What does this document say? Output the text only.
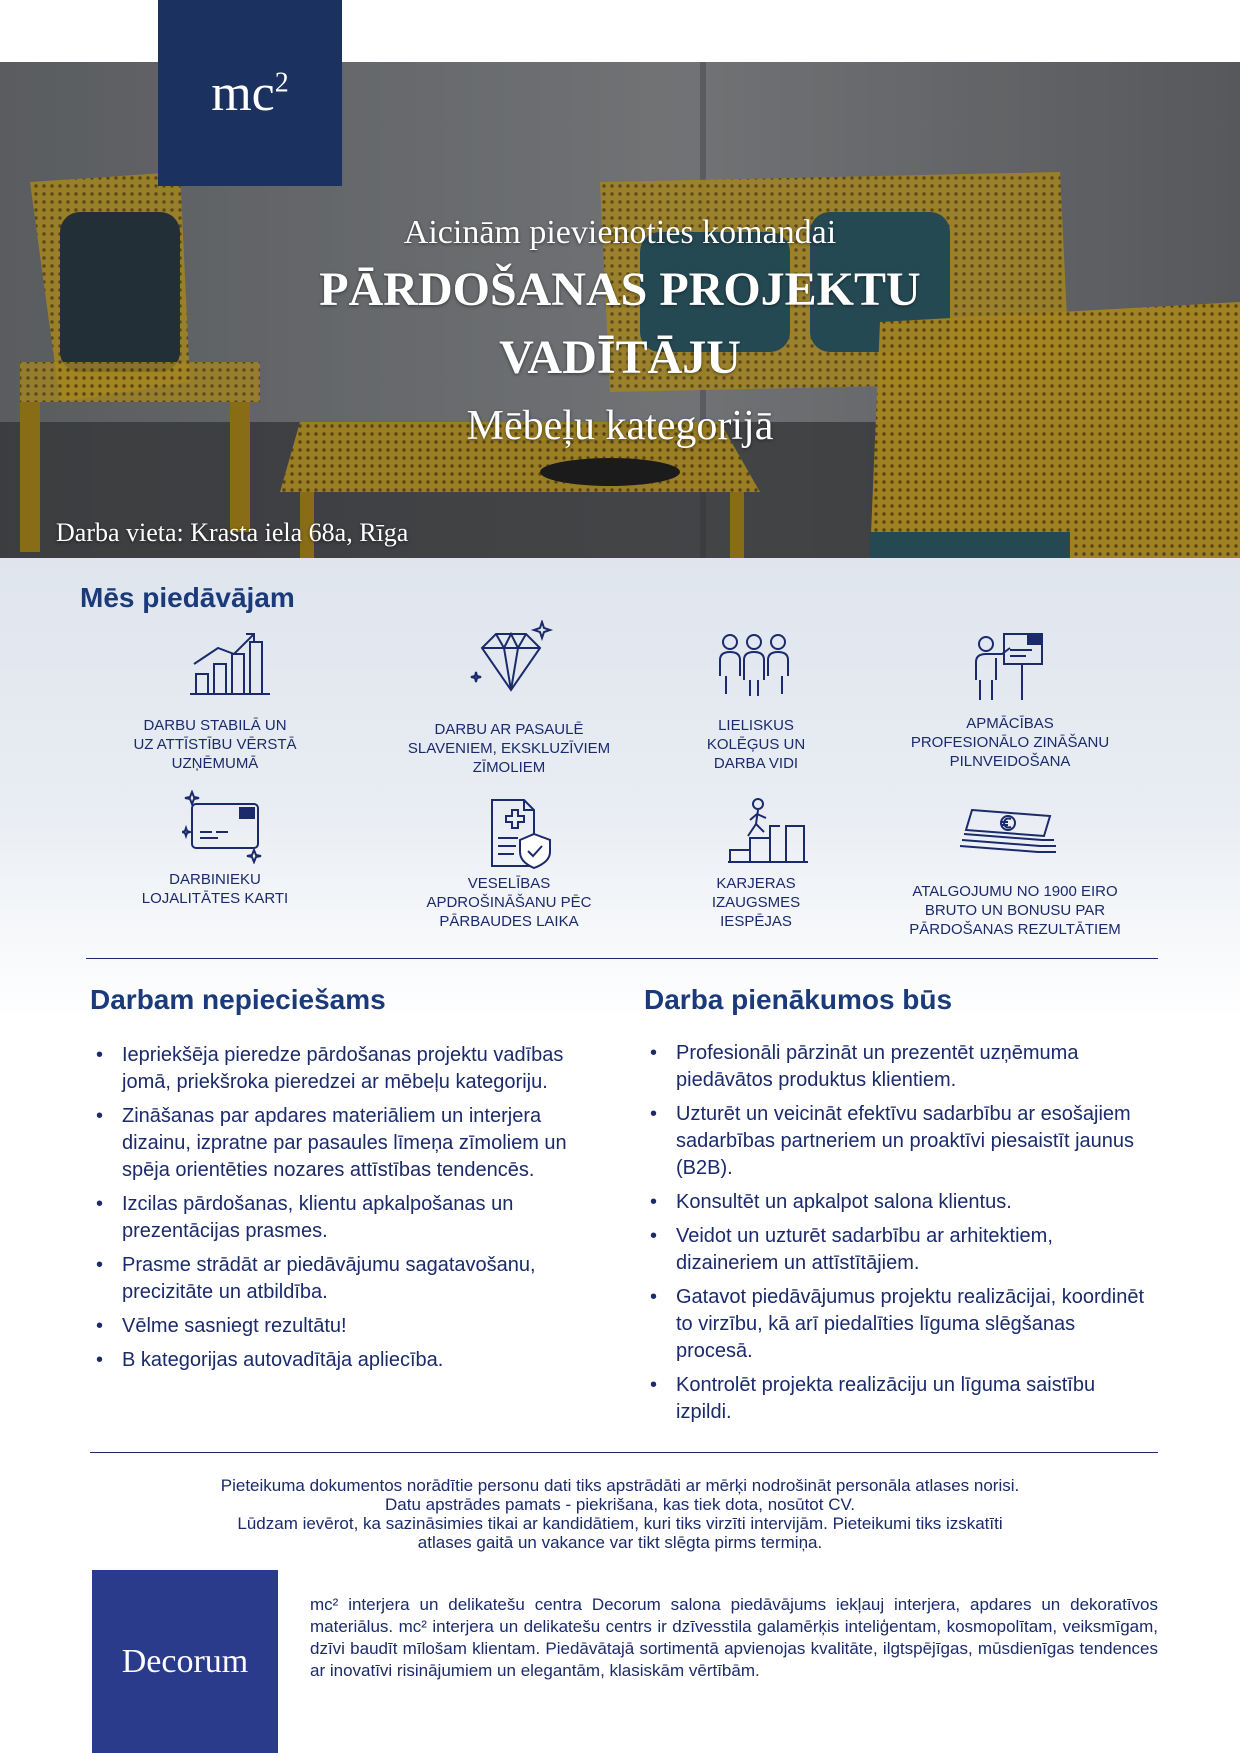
$mc^2$
Aicinām pievienoties komandai
PĀRDOŠANAS PROJEKTU
VADĪTĀJU
Mēbeļu kategorijā
Darba vieta: Krasta iela 68a, Rīga
Mēs piedāvājam
DARBU STABILĀ UN
UZ ATTĪSTĪBU VĒRSTĀ
UZŅĒMUMĀ
DARBU AR PASAULĒ
SLAVENIEM, EKSKLUZĪVIEM
ZĪMOLIEM
LIELISKUS
KOLĒĢUS UN
DARBA VIDI
APMĀCĪBAS
PROFESIONĀLO ZINĀŠANU
PILNVEIDOŠANA
DARBINIEKU
LOJALITĀTES KARTI
VESELĪBAS
APDROŠINĀŠANU PĒC
PĀRBAUDES LAIKA
KARJERAS
IZAUGSMES
IESPĒJAS
ATALGOJUMU NO 1900 EIRO
BRUTO UN BONUSU PAR
PĀRDOŠANAS REZULTĀTIEM
Darbam nepieciešams
• Iepriekšēja pieredze pārdošanas projektu vadības jomā, priekšroka pieredzei ar mēbeļu kategoriju.
• Zināšanas par apdares materiāliem un interjera dizainu, izpratne par pasaules līmeņa zīmoliem un spēja orientēties nozares attīstības tendencēs.
• Izcilas pārdošanas, klientu apkalpošanas un prezentācijas prasmes.
• Prasme strādāt ar piedāvājumu sagatavošanu, precizitāte un atbildība.
• Vēlme sasniegt rezultātu!
• B kategorijas autovadītāja apliecība.
Darba pienākumos būs
• Profesionāli pārzināt un prezentēt uzņēmuma piedāvātos produktus klientiem.
• Uzturēt un veicināt efektīvu sadarbību ar esošajiem sadarbības partneriem un proaktīvi piesaistīt jaunus (B2B).
• Konsultēt un apkalpot salona klientus.
• Veidot un uzturēt sadarbību ar arhitektiem, dizaineriem un attīstītājiem.
• Gatavot piedāvājumus projektu realizācijai, koordinēt to virzību, kā arī piedalīties līguma slēgšanas procesā.
• Kontrolēt projekta realizāciju un līguma saistību izpildi.
Pieteikuma dokumentos norādītie personu dati tiks apstrādāti ar mērķi nodrošināt personāla atlases norisi.
Datu apstrādes pamats - piekrišana, kas tiek dota, nosūtot CV.
Lūdzam ievērot, ka sazināsimies tikai ar kandidātiem, kuri tiks virzīti intervijām. Pieteikumi tiks izskatīti
atlases gaitā un vakance var tikt slēgta pirms termiņa.
Decorum
mc² interjera un delikatešu centra Decorum salona piedāvājums iekļauj interjera, apdares un dekoratīvos materiālus. mc² interjera un delikatešu centrs ir dzīvesstila galamērķis inteliģentam, kosmopolītam, veiksmīgam, dzīvi baudīt mīlošam klientam. Piedāvātajā sortimentā apvienojas kvalitāte, ilgtspējīgas, mūsdienīgas tendences ar inovatīvi risinājumiem un elegantām, klasiskām vērtībām.
